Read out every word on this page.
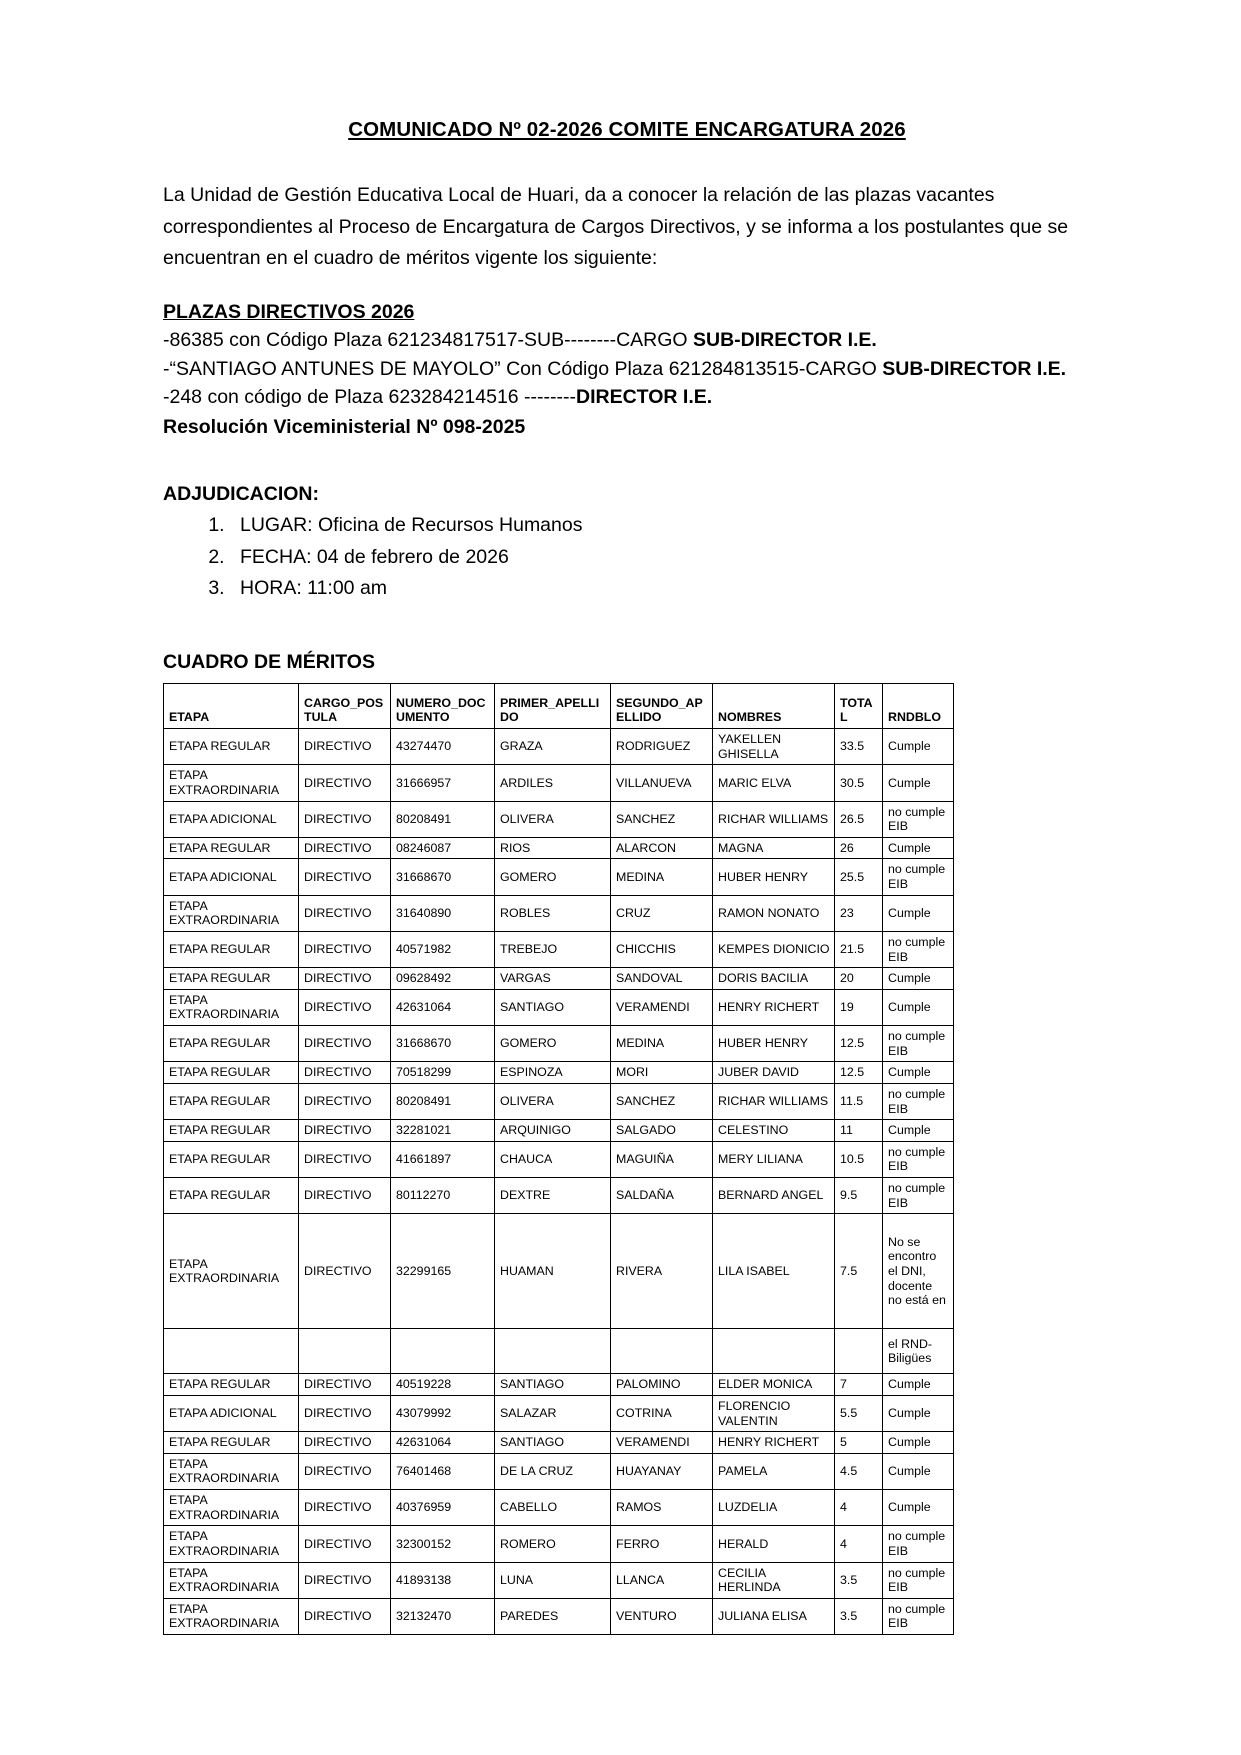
COMUNICADO Nº 02-2026 COMITE ENCARGATURA 2026

La Unidad de Gestión Educativa Local de Huari, da a conocer la relación de las plazas vacantes correspondientes al Proceso de Encargatura de Cargos Directivos, y se informa a los postulantes que se encuentran en el cuadro de méritos vigente los siguiente:

PLAZAS DIRECTIVOS 2026
-86385 con Código Plaza 621234817517-SUB--------CARGO SUB-DIRECTOR I.E.
-“SANTIAGO ANTUNES DE MAYOLO” Con Código Plaza 621284813515-CARGO SUB-DIRECTOR I.E.
-248 con código de Plaza 623284214516 --------DIRECTOR I.E.
Resolución Viceministerial Nº 098-2025
ADJUDICACION:
1. LUGAR: Oficina de Recursos Humanos
2. FECHA: 04 de febrero de 2026
3. HORA: 11:00 am
CUADRO DE MÉRITOS
ETAPA	CARGO_POSTULA	NUMERO_DOCUMENTO	PRIMER_APELLIDO	SEGUNDO_APELLIDO	NOMBRES	TOTAL	RNDBLO
ETAPA REGULAR	DIRECTIVO	43274470	GRAZA	RODRIGUEZ	YAKELLEN GHISELLA	33.5	Cumple
ETAPA EXTRAORDINARIA	DIRECTIVO	31666957	ARDILES	VILLANUEVA	MARIC ELVA	30.5	Cumple
ETAPA ADICIONAL	DIRECTIVO	80208491	OLIVERA	SANCHEZ	RICHAR WILLIAMS	26.5	no cumple EIB
ETAPA REGULAR	DIRECTIVO	08246087	RIOS	ALARCON	MAGNA	26	Cumple
ETAPA ADICIONAL	DIRECTIVO	31668670	GOMERO	MEDINA	HUBER HENRY	25.5	no cumple EIB
ETAPA EXTRAORDINARIA	DIRECTIVO	31640890	ROBLES	CRUZ	RAMON NONATO	23	Cumple
ETAPA REGULAR	DIRECTIVO	40571982	TREBEJO	CHICCHIS	KEMPES DIONICIO	21.5	no cumple EIB
ETAPA REGULAR	DIRECTIVO	09628492	VARGAS	SANDOVAL	DORIS BACILIA	20	Cumple
ETAPA EXTRAORDINARIA	DIRECTIVO	42631064	SANTIAGO	VERAMENDI	HENRY RICHERT	19	Cumple
ETAPA REGULAR	DIRECTIVO	31668670	GOMERO	MEDINA	HUBER HENRY	12.5	no cumple EIB
ETAPA REGULAR	DIRECTIVO	70518299	ESPINOZA	MORI	JUBER DAVID	12.5	Cumple
ETAPA REGULAR	DIRECTIVO	80208491	OLIVERA	SANCHEZ	RICHAR WILLIAMS	11.5	no cumple EIB
ETAPA REGULAR	DIRECTIVO	32281021	ARQUINIGO	SALGADO	CELESTINO	11	Cumple
ETAPA REGULAR	DIRECTIVO	41661897	CHAUCA	MAGUIÑA	MERY LILIANA	10.5	no cumple EIB
ETAPA REGULAR	DIRECTIVO	80112270	DEXTRE	SALDAÑA	BERNARD ANGEL	9.5	no cumple EIB
ETAPA EXTRAORDINARIA	DIRECTIVO	32299165	HUAMAN	RIVERA	LILA ISABEL	7.5	No se encontro el DNI, docente no está en
							el RND-Biligües
ETAPA REGULAR	DIRECTIVO	40519228	SANTIAGO	PALOMINO	ELDER MONICA	7	Cumple
ETAPA ADICIONAL	DIRECTIVO	43079992	SALAZAR	COTRINA	FLORENCIO VALENTIN	5.5	Cumple
ETAPA REGULAR	DIRECTIVO	42631064	SANTIAGO	VERAMENDI	HENRY RICHERT	5	Cumple
ETAPA EXTRAORDINARIA	DIRECTIVO	76401468	DE LA CRUZ	HUAYANAY	PAMELA	4.5	Cumple
ETAPA EXTRAORDINARIA	DIRECTIVO	40376959	CABELLO	RAMOS	LUZDELIA	4	Cumple
ETAPA EXTRAORDINARIA	DIRECTIVO	32300152	ROMERO	FERRO	HERALD	4	no cumple EIB
ETAPA EXTRAORDINARIA	DIRECTIVO	41893138	LUNA	LLANCA	CECILIA HERLINDA	3.5	no cumple EIB
ETAPA EXTRAORDINARIA	DIRECTIVO	32132470	PAREDES	VENTURO	JULIANA ELISA	3.5	no cumple EIB
